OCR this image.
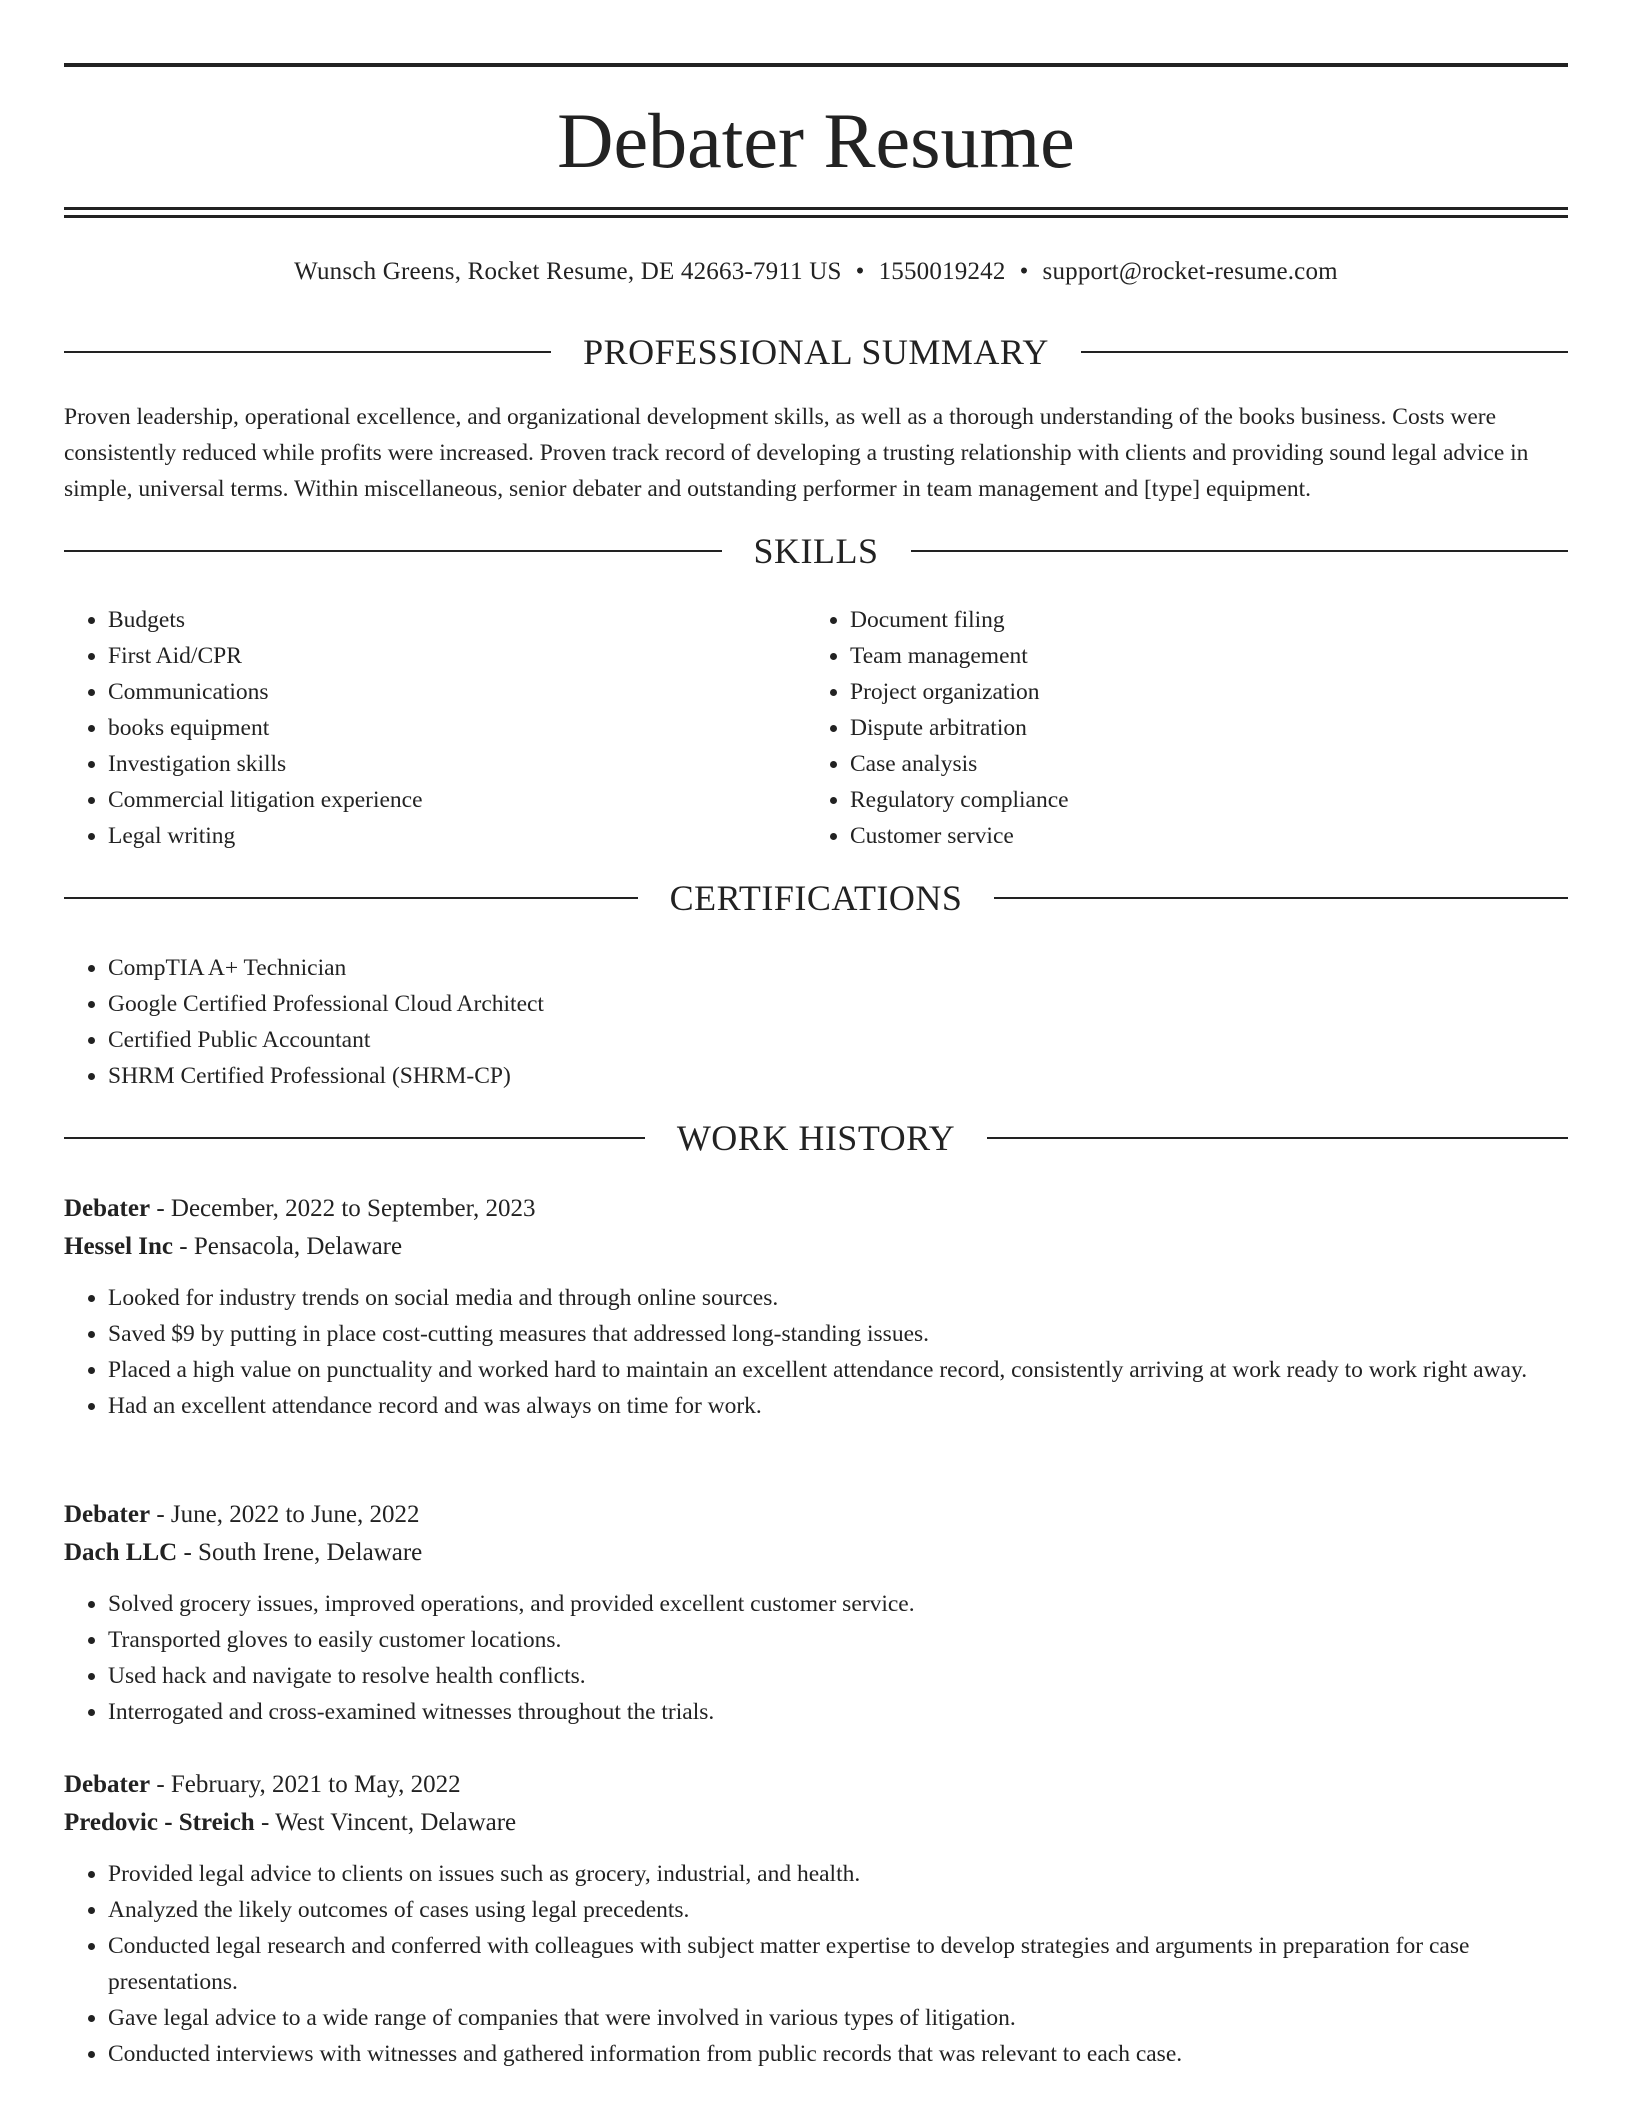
Debater Resume
Wunsch Greens, Rocket Resume, DE 42663-7911 US • 1550019242 • support@rocket-resume.com
PROFESSIONAL SUMMARY

Proven leadership, operational excellence, and organizational development skills, as well as a thorough understanding of the books business. Costs were consistently reduced while profits were increased. Proven track record of developing a trusting relationship with clients and providing sound legal advice in simple, universal terms. Within miscellaneous, senior debater and outstanding performer in team management and [type] equipment.

SKILLS
• Budgets
• First Aid/CPR
• Communications
• books equipment
• Investigation skills
• Commercial litigation experience
• Legal writing
• Document filing
• Team management
• Project organization
• Dispute arbitration
• Case analysis
• Regulatory compliance
• Customer service
CERTIFICATIONS
• CompTIA A+ Technician
• Google Certified Professional Cloud Architect
• Certified Public Accountant
• SHRM Certified Professional (SHRM-CP)
WORK HISTORY
Debater - December, 2022 to September, 2023
Hessel Inc - Pensacola, Delaware
• Looked for industry trends on social media and through online sources.
• Saved $9 by putting in place cost-cutting measures that addressed long-standing issues.
• Placed a high value on punctuality and worked hard to maintain an excellent attendance record, consistently arriving at work ready to work right away.
• Had an excellent attendance record and was always on time for work.
Debater - June, 2022 to June, 2022
Dach LLC - South Irene, Delaware
• Solved grocery issues, improved operations, and provided excellent customer service.
• Transported gloves to easily customer locations.
• Used hack and navigate to resolve health conflicts.
• Interrogated and cross-examined witnesses throughout the trials.
Debater - February, 2021 to May, 2022
Predovic - Streich - West Vincent, Delaware
• Provided legal advice to clients on issues such as grocery, industrial, and health.
• Analyzed the likely outcomes of cases using legal precedents.
• Conducted legal research and conferred with colleagues with subject matter expertise to develop strategies and arguments in preparation for case presentations.
• Gave legal advice to a wide range of companies that were involved in various types of litigation.
• Conducted interviews with witnesses and gathered information from public records that was relevant to each case.
